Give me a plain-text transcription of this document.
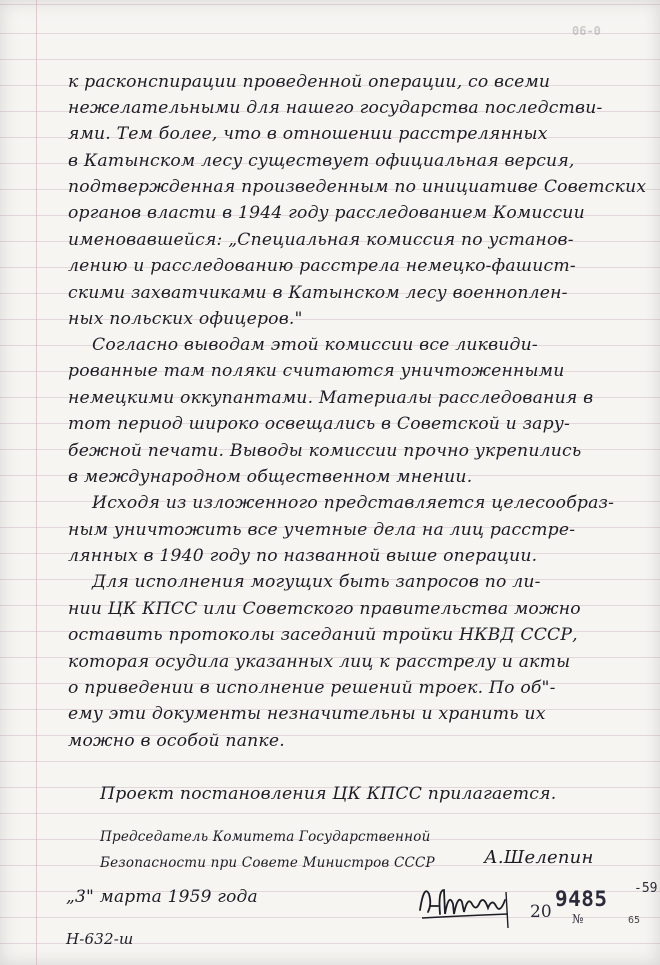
06-0
к расконспирации проведенной операции, со всеми
нежелательными для нашего государства последстви-
ями. Тем более, что в отношении расстрелянных
в Катынском лесу существует официальная версия,
подтвержденная произведенным по инициативе Советских
органов власти в 1944 году расследованием Комиссии
именовавшейся: „Специальная комиссия по установ-
лению и расследованию расстрела немецко-фашист-
скими захватчиками в Катынском лесу военноплен-
ных польских офицеров."
Согласно выводам этой комиссии все ликвиди-
рованные там поляки считаются уничтоженными
немецкими оккупантами. Материалы расследования в
тот период широко освещались в Советской и зару-
бежной печати. Выводы комиссии прочно укрепились
в международном общественном мнении.
Исходя из изложенного представляется целесообраз-
ным уничтожить все учетные дела на лиц расстре-
лянных в 1940 году по названной выше операции.
Для исполнения могущих быть запросов по ли-
нии ЦК КПСС или Советского правительства можно
оставить протоколы заседаний тройки НКВД СССР,
которая осудила указанных лиц к расстрелу и акты
о приведении в исполнение решений троек. По об"-
ему эти документы незначительны и хранить их
можно в особой папке.
Проект постановления ЦК КПСС прилагается.
Председатель Комитета Государственной
Безопасности при Совете Министров СССР	А.Шелепин
„3" марта 1959 года
20
9485 -59
№	65
Н-632-ш
